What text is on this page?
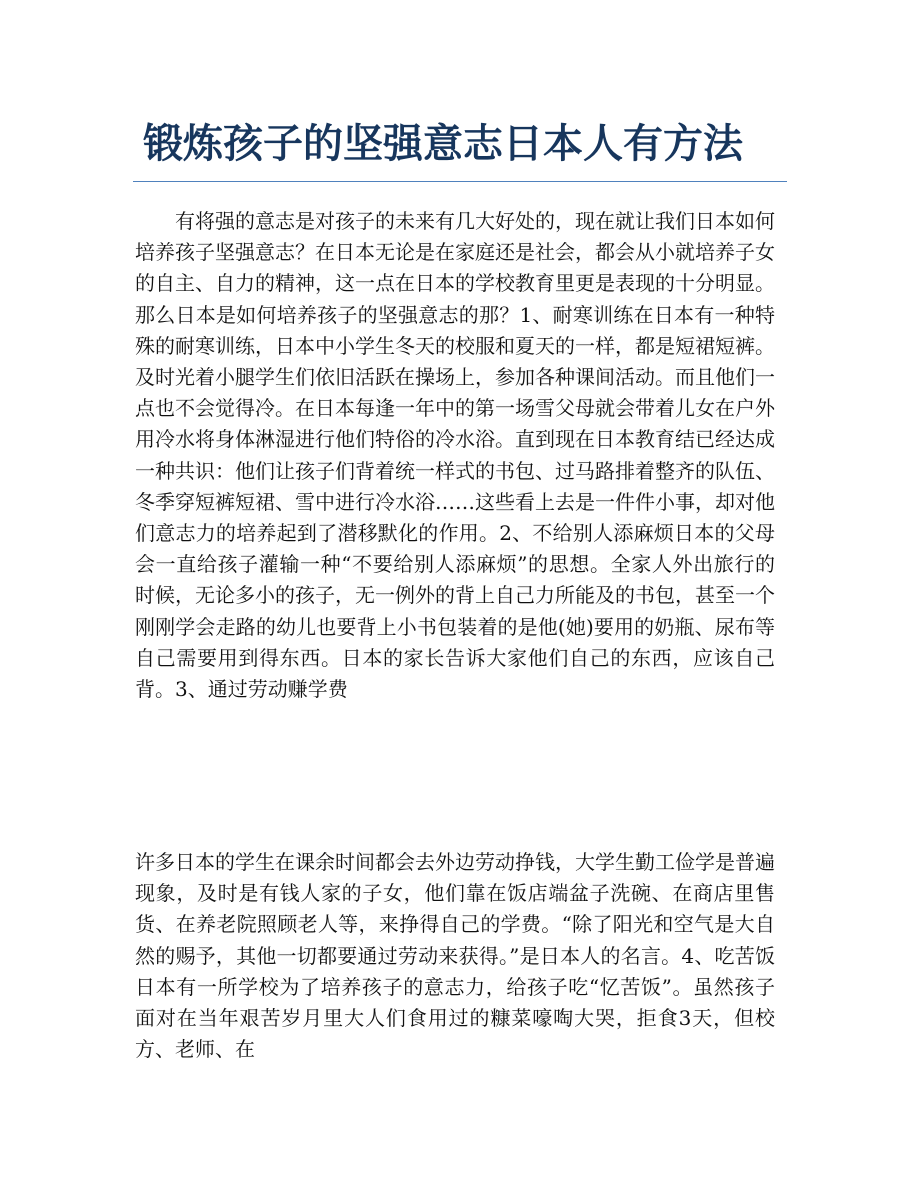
锻炼孩子的坚强意志日本人有方法

有将强的意志是对孩子的未来有几大好处的，现在就让我们日本如何培养孩子坚强意志？在日本无论是在家庭还是社会，都会从小就培养子女的自主、自力的精神，这一点在日本的学校教育里更是表现的十分明显。那么日本是如何培养孩子的坚强意志的那？1、耐寒训练在日本有一种特殊的耐寒训练，日本中小学生冬天的校服和夏天的一样，都是短裙短裤。及时光着小腿学生们依旧活跃在操场上，参加各种课间活动。而且他们一点也不会觉得冷。在日本每逢一年中的第一场雪父母就会带着儿女在户外用冷水将身体淋湿进行他们特俗的冷水浴。直到现在日本教育结已经达成一种共识：他们让孩子们背着统一样式的书包、过马路排着整齐的队伍、冬季穿短裤短裙、雪中进行冷水浴……这些看上去是一件件小事，却对他们意志力的培养起到了潜移默化的作用。2、不给别人添麻烦日本的父母会一直给孩子灌输一种“不要给别人添麻烦”的思想。全家人外出旅行的时候，无论多小的孩子，无一例外的背上自己力所能及的书包，甚至一个刚刚学会走路的幼儿也要背上小书包装着的是他(她)要用的奶瓶、尿布等自己需要用到得东西。日本的家长告诉大家他们自己的东西，应该自己背。3、通过劳动赚学费

许多日本的学生在课余时间都会去外边劳动挣钱，大学生勤工俭学是普遍现象，及时是有钱人家的子女，他们靠在饭店端盆子洗碗、在商店里售货、在养老院照顾老人等，来挣得自己的学费。“除了阳光和空气是大自然的赐予，其他一切都要通过劳动来获得。”是日本人的名言。4、吃苦饭日本有一所学校为了培养孩子的意志力，给孩子吃“忆苦饭”。虽然孩子面对在当年艰苦岁月里大人们食用过的糠菜嚎啕大哭，拒食3天，但校方、老师、在
